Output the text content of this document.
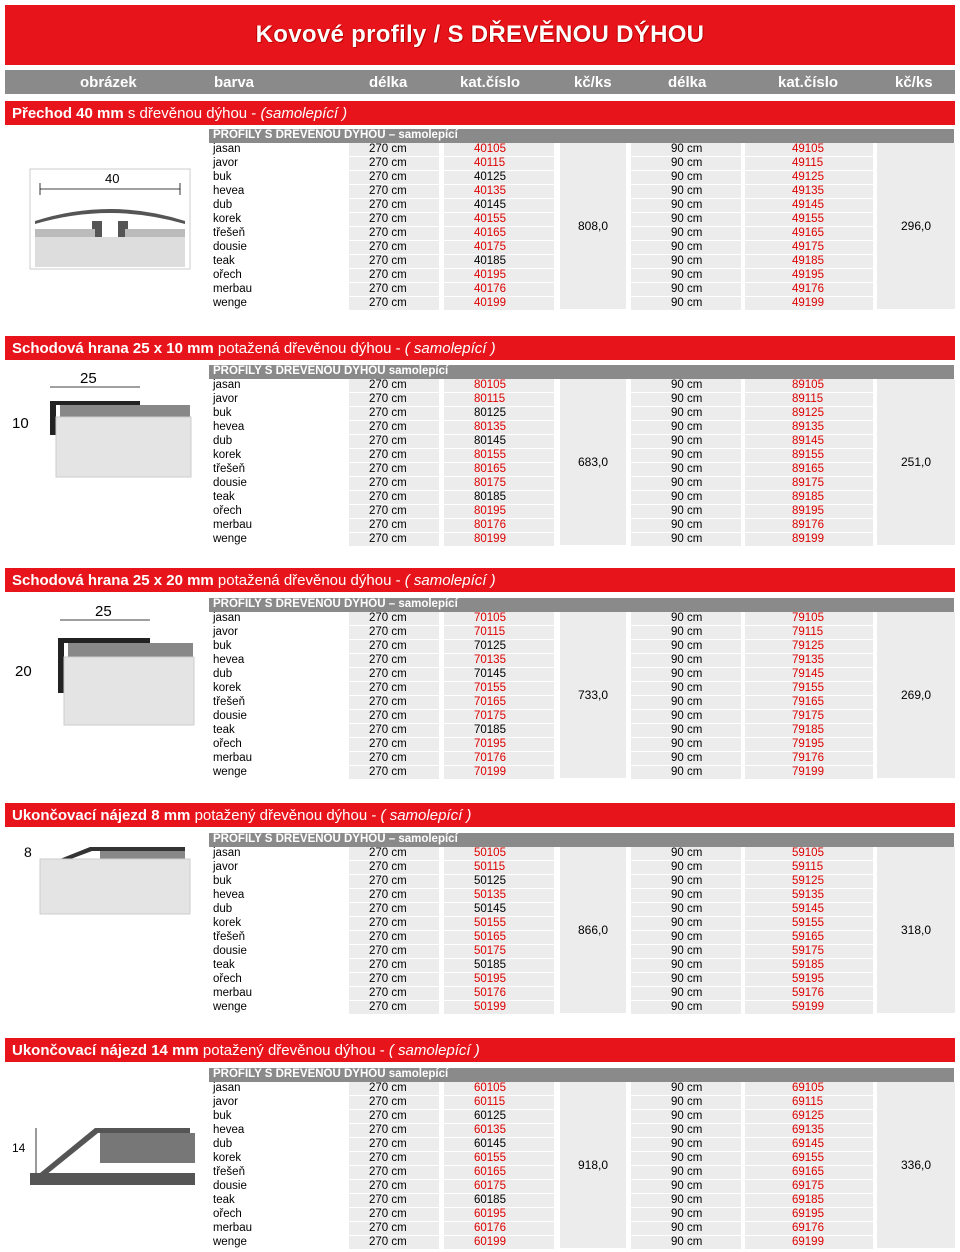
Kovové profily / S DŘEVĚNOU DÝHOU
obrázek	barva	délka	kat.číslo	kč/ks	délka	kat.číslo	kč/ks
Přechod 40 mm s dřevěnou dýhou - (samolepící )
PROFILY S DŘEVĚNOU DÝHOU – samolepící
40
jasan	270 cm	40105	90 cm	49105
javor	270 cm	40115	90 cm	49115
buk	270 cm	40125	90 cm	49125
hevea	270 cm	40135	90 cm	49135
dub	270 cm	40145	90 cm	49145
korek	270 cm	40155	90 cm	49155
třešeň	270 cm	40165	90 cm	49165
dousie	270 cm	40175	90 cm	49175
teak	270 cm	40185	90 cm	49185
ořech	270 cm	40195	90 cm	49195
merbau	270 cm	40176	90 cm	49176
wenge	270 cm	40199	90 cm	49199
808,0	296,0
Schodová hrana 25 x 10 mm potažená dřevěnou dýhou - ( samolepící )
PROFILY S DŘEVĚNOU DÝHOU samolepící
25
10
jasan	270 cm	80105	90 cm	89105
javor	270 cm	80115	90 cm	89115
buk	270 cm	80125	90 cm	89125
hevea	270 cm	80135	90 cm	89135
dub	270 cm	80145	90 cm	89145
korek	270 cm	80155	90 cm	89155
třešeň	270 cm	80165	90 cm	89165
dousie	270 cm	80175	90 cm	89175
teak	270 cm	80185	90 cm	89185
ořech	270 cm	80195	90 cm	89195
merbau	270 cm	80176	90 cm	89176
wenge	270 cm	80199	90 cm	89199
683,0	251,0
Schodová hrana 25 x 20 mm potažená dřevěnou dýhou - ( samolepící )
PROFILY S DŘEVĚNOU DÝHOU – samolepící
25
20
jasan	270 cm	70105	90 cm	79105
javor	270 cm	70115	90 cm	79115
buk	270 cm	70125	90 cm	79125
hevea	270 cm	70135	90 cm	79135
dub	270 cm	70145	90 cm	79145
korek	270 cm	70155	90 cm	79155
třešeň	270 cm	70165	90 cm	79165
dousie	270 cm	70175	90 cm	79175
teak	270 cm	70185	90 cm	79185
ořech	270 cm	70195	90 cm	79195
merbau	270 cm	70176	90 cm	79176
wenge	270 cm	70199	90 cm	79199
733,0	269,0
Ukončovací nájezd 8 mm potažený dřevěnou dýhou - ( samolepící )
PROFILY S DŘEVĚNOU DÝHOU – samolepící
8	jasan	270 cm	50105	90 cm	59105
javor	270 cm	50115	90 cm	59115
buk	270 cm	50125	90 cm	59125
hevea	270 cm	50135	90 cm	59135
dub	270 cm	50145	90 cm	59145
korek	270 cm	50155	90 cm	59155
třešeň	270 cm	50165	90 cm	59165
dousie	270 cm	50175	90 cm	59175
teak	270 cm	50185	90 cm	59185
ořech	270 cm	50195	90 cm	59195
merbau	270 cm	50176	90 cm	59176
wenge	270 cm	50199	90 cm	59199
866,0	318,0
Ukončovací nájezd 14 mm potažený dřevěnou dýhou - ( samolepící )
PROFILY S DŘEVĚNOU DÝHOU samolepící
14
jasan	270 cm	60105	90 cm	69105
javor	270 cm	60115	90 cm	69115
buk	270 cm	60125	90 cm	69125
hevea	270 cm	60135	90 cm	69135
dub	270 cm	60145	90 cm	69145
korek	270 cm	60155	90 cm	69155
třešeň	270 cm	60165	90 cm	69165
dousie	270 cm	60175	90 cm	69175
teak	270 cm	60185	90 cm	69185
ořech	270 cm	60195	90 cm	69195
merbau	270 cm	60176	90 cm	69176
wenge	270 cm	60199	90 cm	69199
918,0	336,0
